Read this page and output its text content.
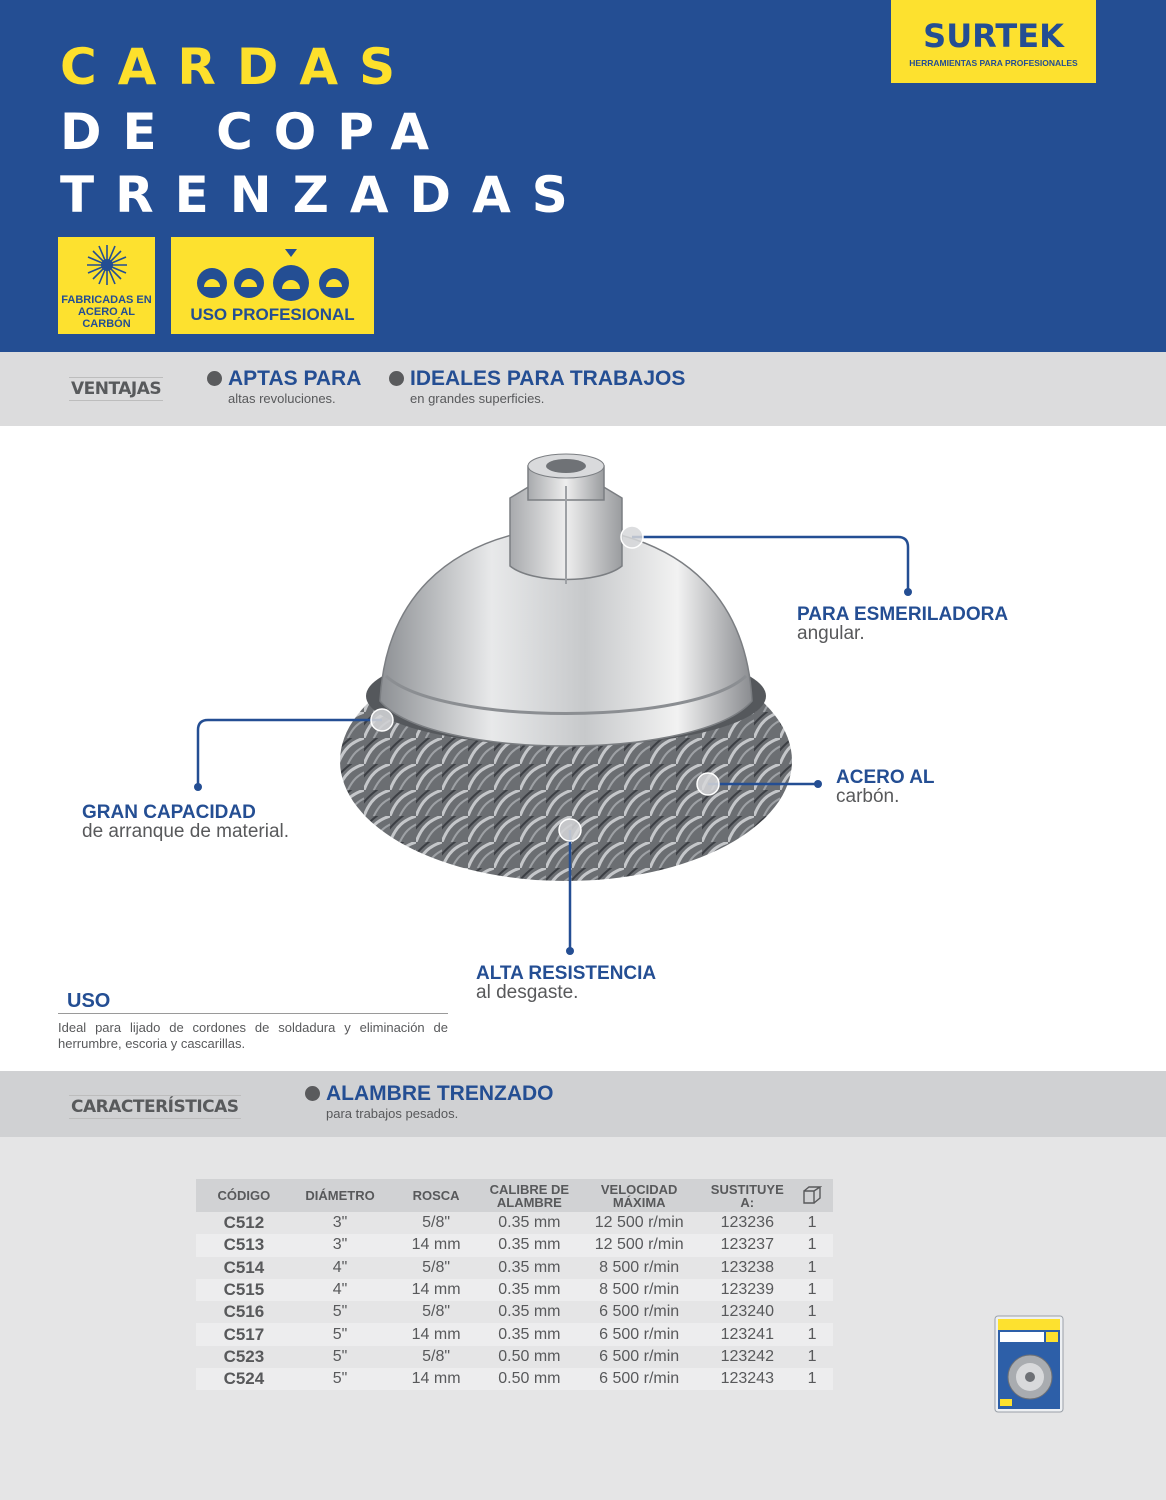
CARDAS
DE COPA
TRENZADAS
SURTEK
HERRAMIENTAS PARA PROFESIONALES
FABRICADAS EN ACERO AL CARBÓN	USO PROFESIONAL
VENTAJAS	APTAS PARA
altas revoluciones.
IDEALES PARA TRABAJOS
en grandes superficies.
PARA ESMERILADORA
angular.
ACERO AL
carbón.
GRAN CAPACIDAD
de arranque de material.
ALTA RESISTENCIA
al desgaste.
USO
Ideal para lijado de cordones de soldadura y eliminación de herrumbre, escoria y cascarillas.
CARACTERÍSTICAS
ALAMBRE TRENZADO
para trabajos pesados.
CÓDIGO	DIÁMETRO	ROSCA	CALIBRE DE ALAMBRE	VELOCIDAD MÁXIMA	SUSTITUYE A:	
C512	3"	5/8"	0.35 mm	12 500 r/min	123236	1
C513	3"	14 mm	0.35 mm	12 500 r/min	123237	1
C514	4"	5/8"	0.35 mm	8 500 r/min	123238	1
C515	4"	14 mm	0.35 mm	8 500 r/min	123239	1
C516	5"	5/8"	0.35 mm	6 500 r/min	123240	1
C517	5"	14 mm	0.35 mm	6 500 r/min	123241	1
C523	5"	5/8"	0.50 mm	6 500 r/min	123242	1
C524	5"	14 mm	0.50 mm	6 500 r/min	123243	1
